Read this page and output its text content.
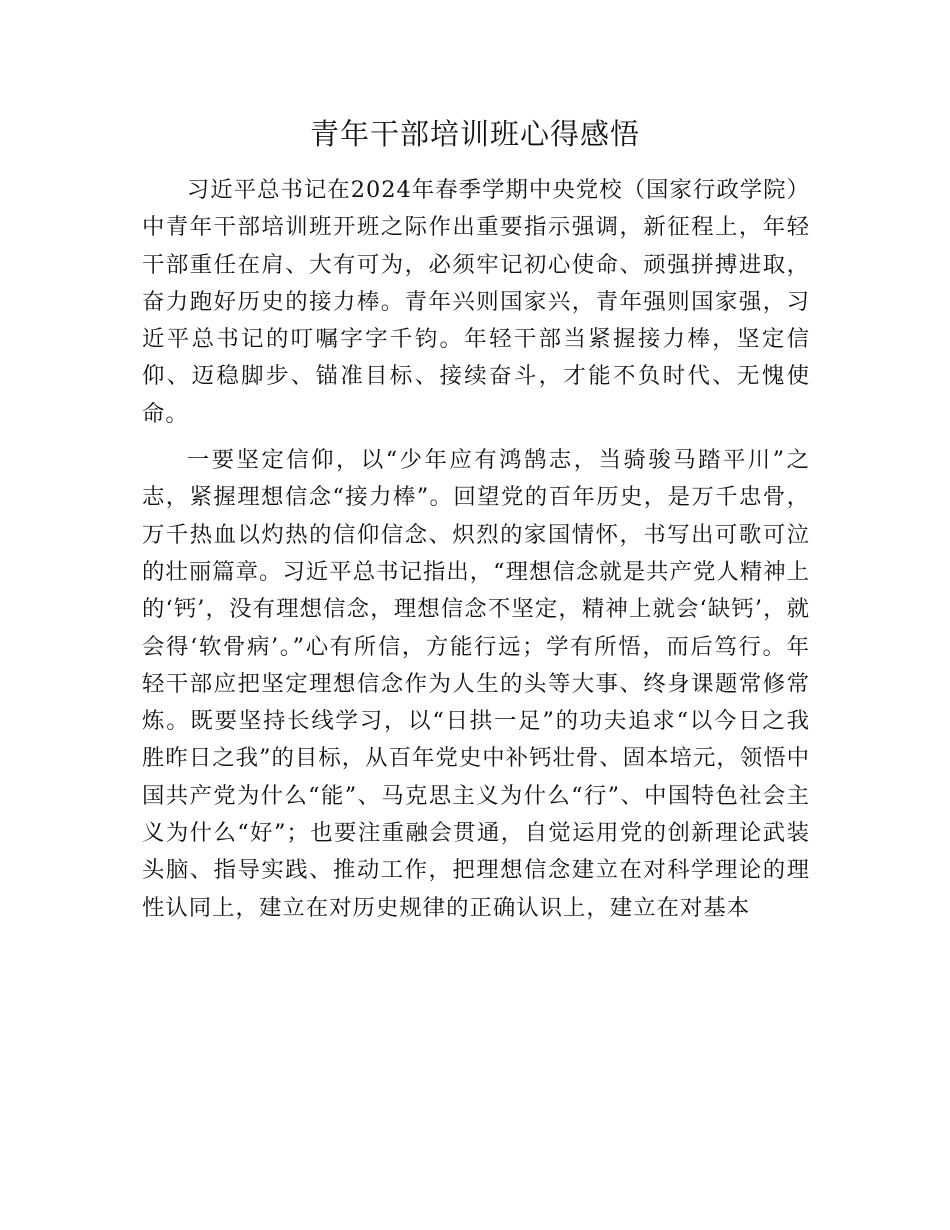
青年干部培训班心得感悟

习近平总书记在2024年春季学期中央党校（国家行政学院）中青年干部培训班开班之际作出重要指示强调，新征程上，年轻干部重任在肩、大有可为，必须牢记初心使命、顽强拼搏进取，奋力跑好历史的接力棒。青年兴则国家兴，青年强则国家强，习近平总书记的叮嘱字字千钧。年轻干部当紧握接力棒，坚定信仰、迈稳脚步、锚准目标、接续奋斗，才能不负时代、无愧使命。

一要坚定信仰，以“少年应有鸿鹄志，当骑骏马踏平川”之志，紧握理想信念“接力棒”。回望党的百年历史，是万千忠骨，万千热血以灼热的信仰信念、炽烈的家国情怀，书写出可歌可泣的壮丽篇章。习近平总书记指出，“理想信念就是共产党人精神上的‘钙’，没有理想信念，理想信念不坚定，精神上就会‘缺钙’，就会得‘软骨病’。”心有所信，方能行远；学有所悟，而后笃行。年轻干部应把坚定理想信念作为人生的头等大事、终身课题常修常炼。既要坚持长线学习，以“日拱一足”的功夫追求“以今日之我胜昨日之我”的目标，从百年党史中补钙壮骨、固本培元，领悟中国共产党为什么“能”、马克思主义为什么“行”、中国特色社会主义为什么“好”；也要注重融会贯通，自觉运用党的创新理论武装头脑、指导实践、推动工作，把理想信念建立在对科学理论的理性认同上，建立在对历史规律的正确认识上，建立在对基本
